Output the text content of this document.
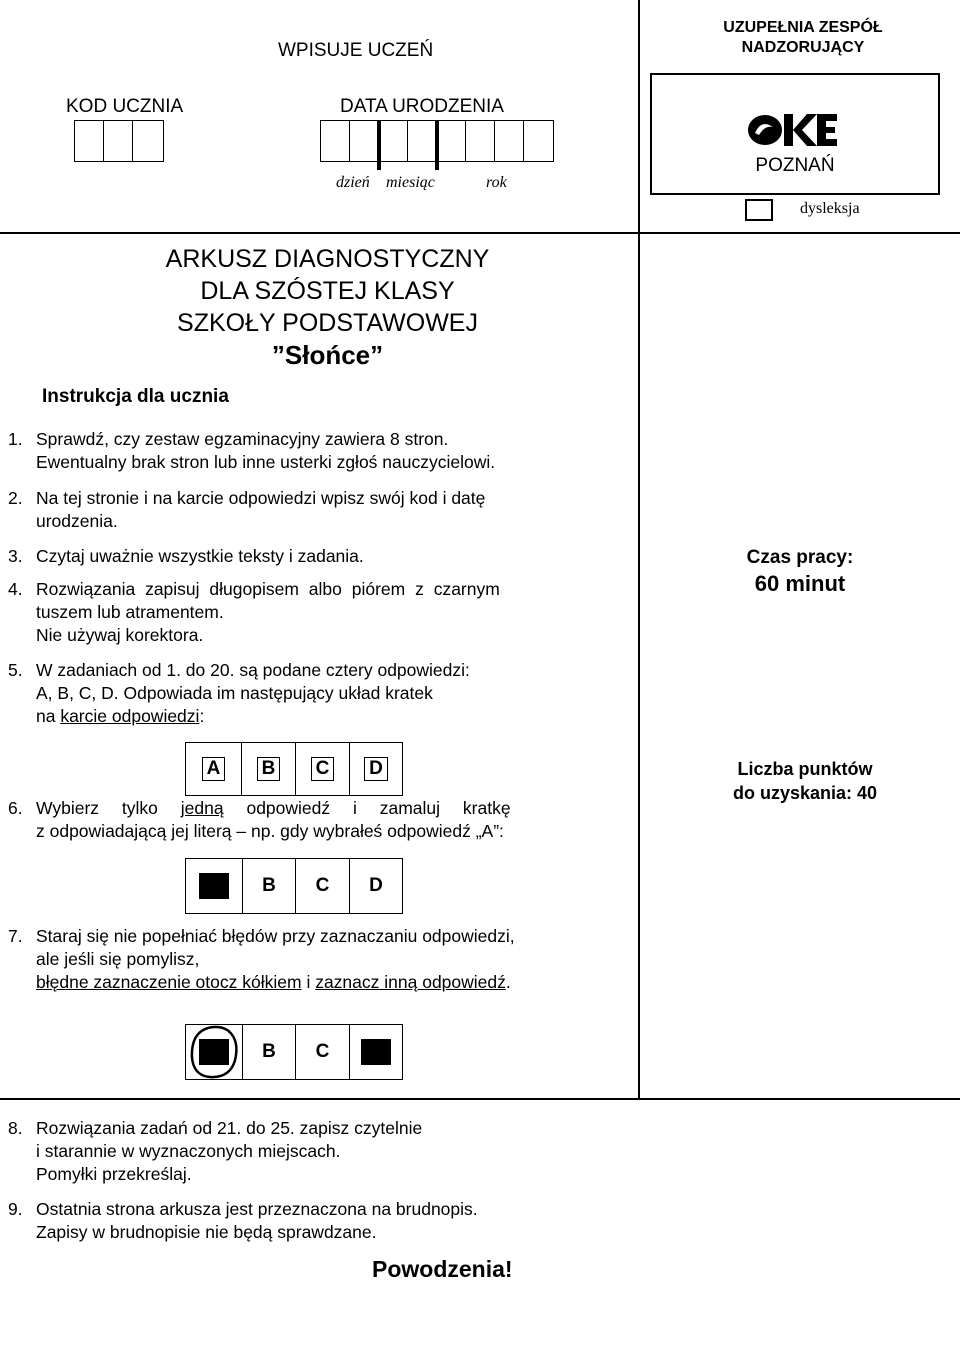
WPISUJE UCZEŃ
KOD UCZNIA	DATA URODZENIA
dzień miesiąc	rok
UZUPEŁNIA ZESPÓŁ NADZORUJĄCY
POZNAŃ
dysleksja
ARKUSZ DIAGNOSTYCZNY
DLA SZÓSTEJ KLASY
SZKOŁY PODSTAWOWEJ
”Słońce”
Instrukcja dla ucznia
1. Sprawdź, czy zestaw egzaminacyjny zawiera 8 stron.
Ewentualny brak stron lub inne usterki zgłoś nauczycielowi.
2. Na tej stronie i na karcie odpowiedzi wpisz swój kod i datę
urodzenia.
3. Czytaj uważnie wszystkie teksty i zadania.
4. Rozwiązania zapisuj długopisem albo piórem z czarnym
tuszem lub atramentem.
Nie używaj korektora.
5. W zadaniach od 1. do 20. są podane cztery odpowiedzi:
A, B, C, D. Odpowiada im następujący układ kratek
na karcie odpowiedzi:
A B C D
6. Wybierz tylko jedną odpowiedź i zamaluj kratkę
z odpowiadającą jej literą – np. gdy wybrałeś odpowiedź „A”:
B C D
7. Staraj się nie popełniać błędów przy zaznaczaniu odpowiedzi,
ale jeśli się pomylisz,
błędne zaznaczenie otocz kółkiem i zaznacz inną odpowiedź.
B C
8. Rozwiązania zadań od 21. do 25. zapisz czytelnie
i starannie w wyznaczonych miejscach.
Pomyłki przekreślaj.
9. Ostatnia strona arkusza jest przeznaczona na brudnopis.
Zapisy w brudnopisie nie będą sprawdzane.
Powodzenia!
Czas pracy:
60 minut
Liczba punktów
do uzyskania: 40
